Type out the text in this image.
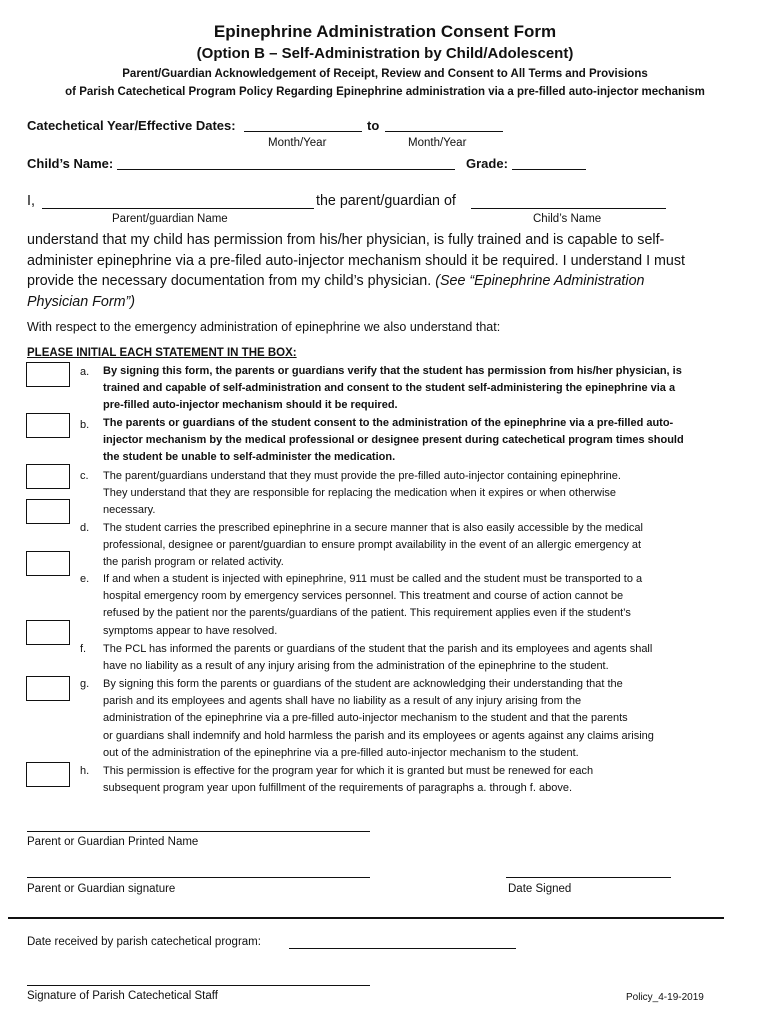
Epinephrine Administration Consent Form
(Option B – Self-Administration by Child/Adolescent)
Parent/Guardian Acknowledgement of Receipt, Review and Consent to All Terms and Provisions
of Parish Catechetical Program Policy Regarding Epinephrine administration via a pre-filled auto-injector mechanism
Catechetical Year/Effective Dates:	to
Month/Year	Month/Year
Child’s Name:	Grade:
I,	the parent/guardian of
Parent/guardian Name	Child’s Name
understand that my child has permission from his/her physician, is fully trained and is capable to self-
administer epinephrine via a pre-filed auto-injector mechanism should it be required. I understand I must
provide the necessary documentation from my child’s physician. (See “Epinephrine Administration
Physician Form”)
With respect to the emergency administration of epinephrine we also understand that:
PLEASE INITIAL EACH STATEMENT IN THE BOX:
a. By signing this form, the parents or guardians verify that the student has permission from his/her physician, is
trained and capable of self-administration and consent to the student self-administering the epinephrine via a
pre-filled auto-injector mechanism should it be required.
b. The parents or guardians of the student consent to the administration of the epinephrine via a pre-filled auto-
injector mechanism by the medical professional or designee present during catechetical program times should
the student be unable to self-administer the medication.
c. The parent/guardians understand that they must provide the pre-filled auto-injector containing epinephrine.
They understand that they are responsible for replacing the medication when it expires or when otherwise
necessary.
d. The student carries the prescribed epinephrine in a secure manner that is also easily accessible by the medical
professional, designee or parent/guardian to ensure prompt availability in the event of an allergic emergency at
the parish program or related activity.
e. If and when a student is injected with epinephrine, 911 must be called and the student must be transported to a
hospital emergency room by emergency services personnel. This treatment and course of action cannot be
refused by the patient nor the parents/guardians of the patient. This requirement applies even if the student’s
symptoms appear to have resolved.
f. The PCL has informed the parents or guardians of the student that the parish and its employees and agents shall
have no liability as a result of any injury arising from the administration of the epinephrine to the student.
g. By signing this form the parents or guardians of the student are acknowledging their understanding that the
parish and its employees and agents shall have no liability as a result of any injury arising from the
administration of the epinephrine via a pre-filled auto-injector mechanism to the student and that the parents
or guardians shall indemnify and hold harmless the parish and its employees or agents against any claims arising
out of the administration of the epinephrine via a pre-filled auto-injector mechanism to the student.
h. This permission is effective for the program year for which it is granted but must be renewed for each
subsequent program year upon fulfillment of the requirements of paragraphs a. through f. above.
Parent or Guardian Printed Name
Parent or Guardian signature	Date Signed
Date received by parish catechetical program:
Signature of Parish Catechetical Staff	Policy_4-19-2019
